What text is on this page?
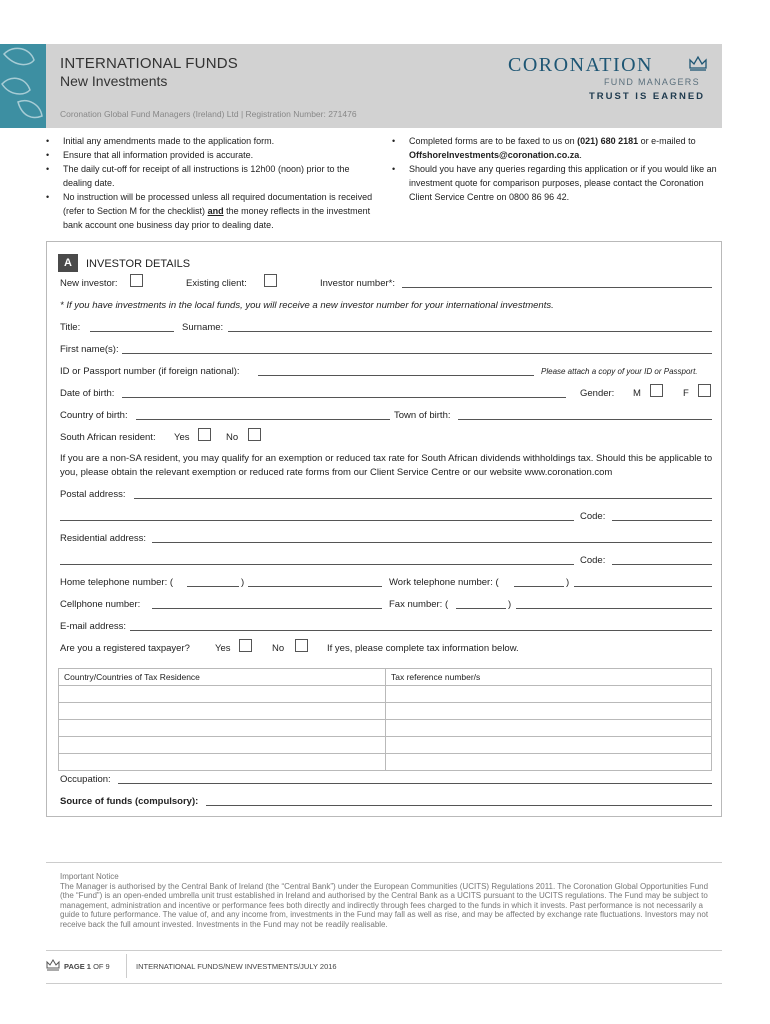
INTERNATIONAL FUNDS
New Investments
CORONATION
FUND MANAGERS
TRUST IS EARNED
Coronation Global Fund Managers (Ireland) Ltd | Registration Number: 271476
• Initial any amendments made to the application form.
• Ensure that all information provided is accurate.
• The daily cut-off for receipt of all instructions is 12h00 (noon) prior to the dealing date.
• No instruction will be processed unless all required documentation is received (refer to Section M for the checklist) and the money reflects in the investment bank account one business day prior to dealing date.
• Completed forms are to be faxed to us on (021) 680 2181 or e-mailed to OffshoreInvestments@coronation.co.za.
• Should you have any queries regarding this application or if you would like an investment quote for comparison purposes, please contact the Coronation Client Service Centre on 0800 86 96 42.
A	INVESTOR DETAILS
New investor:	Existing client:	Investor number*:
* If you have investments in the local funds, you will receive a new investor number for your international investments.
Title:	Surname:
First name(s):
ID or Passport number (if foreign national):	Please attach a copy of your ID or Passport.
Date of birth:	Gender: M	F
Country of birth:	Town of birth:
South African resident: Yes	No
If you are a non-SA resident, you may qualify for an exemption or reduced tax rate for South African dividends withholdings tax. Should this be applicable to you, please obtain the relevant exemption or reduced rate forms from our Client Service Centre or our website www.coronation.com
Postal address:
Code:
Residential address:
Code:
Home telephone number: (	)	Work telephone number: (	)
Cellphone number:	Fax number: (	)
E-mail address:
Are you a registered taxpayer?	Yes	No	If yes, please complete tax information below.
Country/Countries of Tax Residence	Tax reference number/s

Occupation:
Source of funds (compulsory):
Important Notice
The Manager is authorised by the Central Bank of Ireland (the “Central Bank”) under the European Communities (UCITS) Regulations 2011. The Coronation Global Opportunities Fund (the “Fund”) is an open-ended umbrella unit trust established in Ireland and authorised by the Central Bank as a UCITS pursuant to the UCITS regulations. The Fund may be subject to management, administration and incentive or performance fees both directly and indirectly through fees charged to the funds in which it invests. Past performance is not necessarily a guide to future performance. The value of, and any income from, investments in the Fund may fall as well as rise, and may be affected by exchange rate fluctuations. Investors may not receive back the full amount invested. Investments in the Fund may not be readily realisable.
PAGE 1 OF 9	INTERNATIONAL FUNDS/NEW INVESTMENTS/JULY 2016
